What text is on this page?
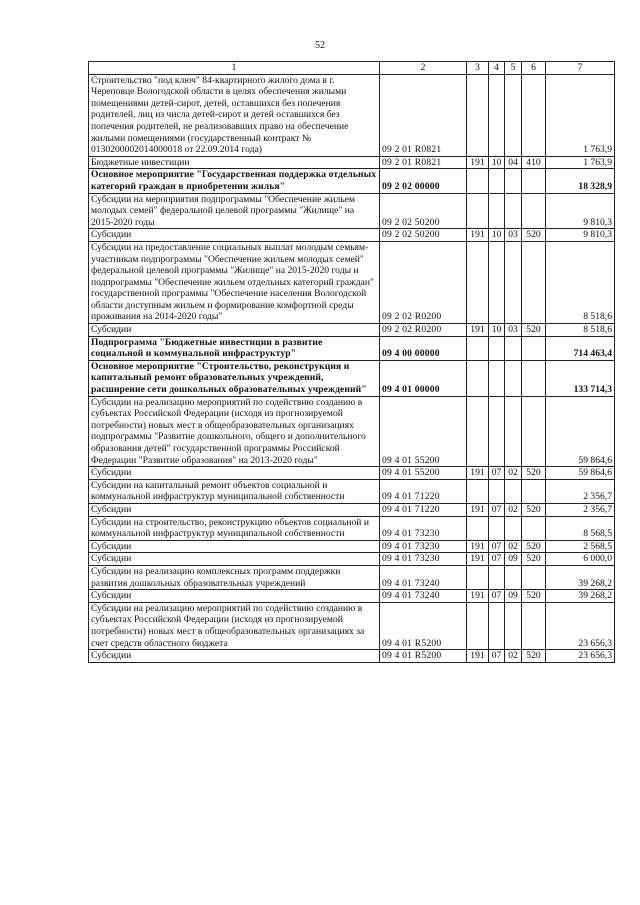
52
1	2	3	4	5	6	7
Строительство "под ключ" 84-квартирного жилого дома в г. Череповце Вологодской области в целях обеспечения жилыми помещениями детей-сирот, детей, оставшихся без попечения родителей, лиц из числа детей-сирот и детей оставшихся без попечения родителей, не реализовавших право на обеспечение жилыми помещениями (государственный контракт № 0130200002014000018 от 22.09.2014 года)	09 2 01 R0821					1 763,9
Бюджетные инвестиции	09 2 01 R0821	191	10	04	410	1 763,9
Основное мероприятие "Государственная поддержка отдельных категорий граждан в приобретении жилья"	09 2 02 00000					18 328,9
Субсидии на мероприятия подпрограммы "Обеспечение жильем молодых семей" федеральной целевой программы "Жилище" на 2015-2020 годы	09 2 02 50200					9 810,3
Субсидии	09 2 02 50200	191	10	03	520	9 810,3
Субсидии на предоставление социальных выплат молодым семьям-участникам подпрограммы "Обеспечение жильем молодых семей" федеральной целевой программы "Жилище" на 2015-2020 годы и подпрограммы "Обеспечение жильем отдельных категорий граждан" государственной программы "Обеспечение населения Вологодской области доступным жильем и формирование комфортной среды проживания на 2014-2020 годы"	09 2 02 R0200					8 518,6
Субсидии	09 2 02 R0200	191	10	03	520	8 518,6
Подпрограмма "Бюджетные инвестиции в развитие социальной и коммунальной инфраструктур"	09 4 00 00000					714 463,4
Основное мероприятие "Строительство, реконструкция и капитальный ремонт образовательных учреждений, расширение сети дошкольных образовательных учреждений"	09 4 01 00000					133 714,3
Субсидии на реализацию мероприятий по содействию созданию в субъектах Российской Федерации (исходя из прогнозируемой потребности) новых мест в общеобразовательных организациях подпрограммы "Развитие дошкольного, общего и дополнительного образования детей" государственной программы Российской Федерации "Развитие образования" на 2013-2020 годы"	09 4 01 55200					59 864,6
Субсидии	09 4 01 55200	191	07	02	520	59 864,6
Субсидии на капитальный ремонт объектов социальной и коммунальной инфраструктур муниципальной собственности	09 4 01 71220					2 356,7
Субсидии	09 4 01 71220	191	07	02	520	2 356,7
Субсидии на строительство, реконструкцию объектов социальной и коммунальной инфраструктур муниципальной собственности	09 4 01 73230					8 568,5
Субсидии	09 4 01 73230	191	07	02	520	2 568,5
Субсидии	09 4 01 73230	191	07	09	520	6 000,0
Субсидии на реализацию комплексных программ поддержки развития дошкольных образовательных учреждений	09 4 01 73240					39 268,2
Субсидии	09 4 01 73240	191	07	09	520	39 268,2
Субсидии на реализацию мероприятий по содействию созданию в субъектах Российской Федерации (исходя из прогнозируемой потребности) новых мест в общеобразовательных организациях за счет средств областного бюджета	09 4 01 R5200					23 656,3
Субсидии	09 4 01 R5200	191	07	02	520	23 656,3
